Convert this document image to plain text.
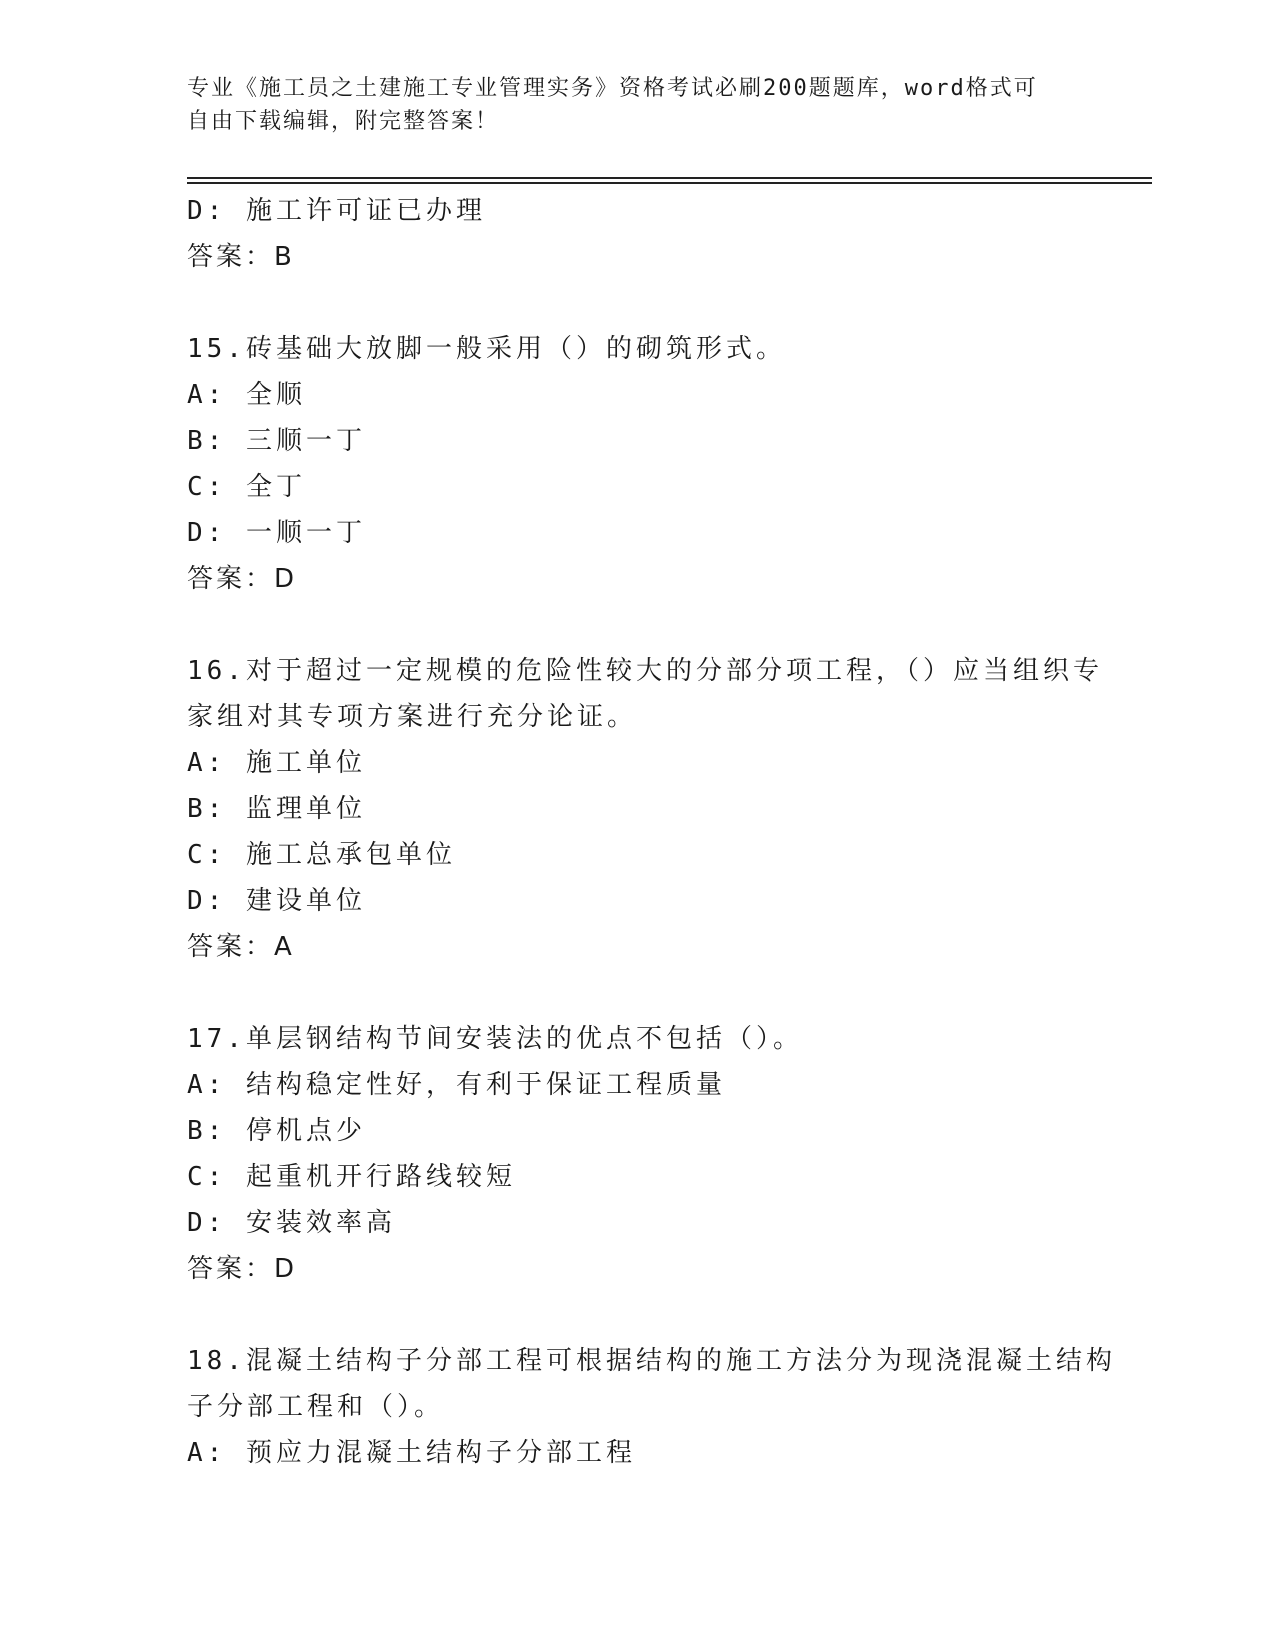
专业《施工员之土建施工专业管理实务》资格考试必刷200题题库，word格式可
自由下载编辑，附完整答案！
D: 施工许可证已办理
答案：B
15.砖基础大放脚一般采用（）的砌筑形式。
A: 全顺
B: 三顺一丁
C: 全丁
D: 一顺一丁
答案：D
16.对于超过一定规模的危险性较大的分部分项工程，（）应当组织专
家组对其专项方案进行充分论证。
A: 施工单位
B: 监理单位
C: 施工总承包单位
D: 建设单位
答案：A
17.单层钢结构节间安装法的优点不包括（）。
A: 结构稳定性好，有利于保证工程质量
B: 停机点少
C: 起重机开行路线较短
D: 安装效率高
答案：D
18.混凝土结构子分部工程可根据结构的施工方法分为现浇混凝土结构
子分部工程和（）。
A: 预应力混凝土结构子分部工程
